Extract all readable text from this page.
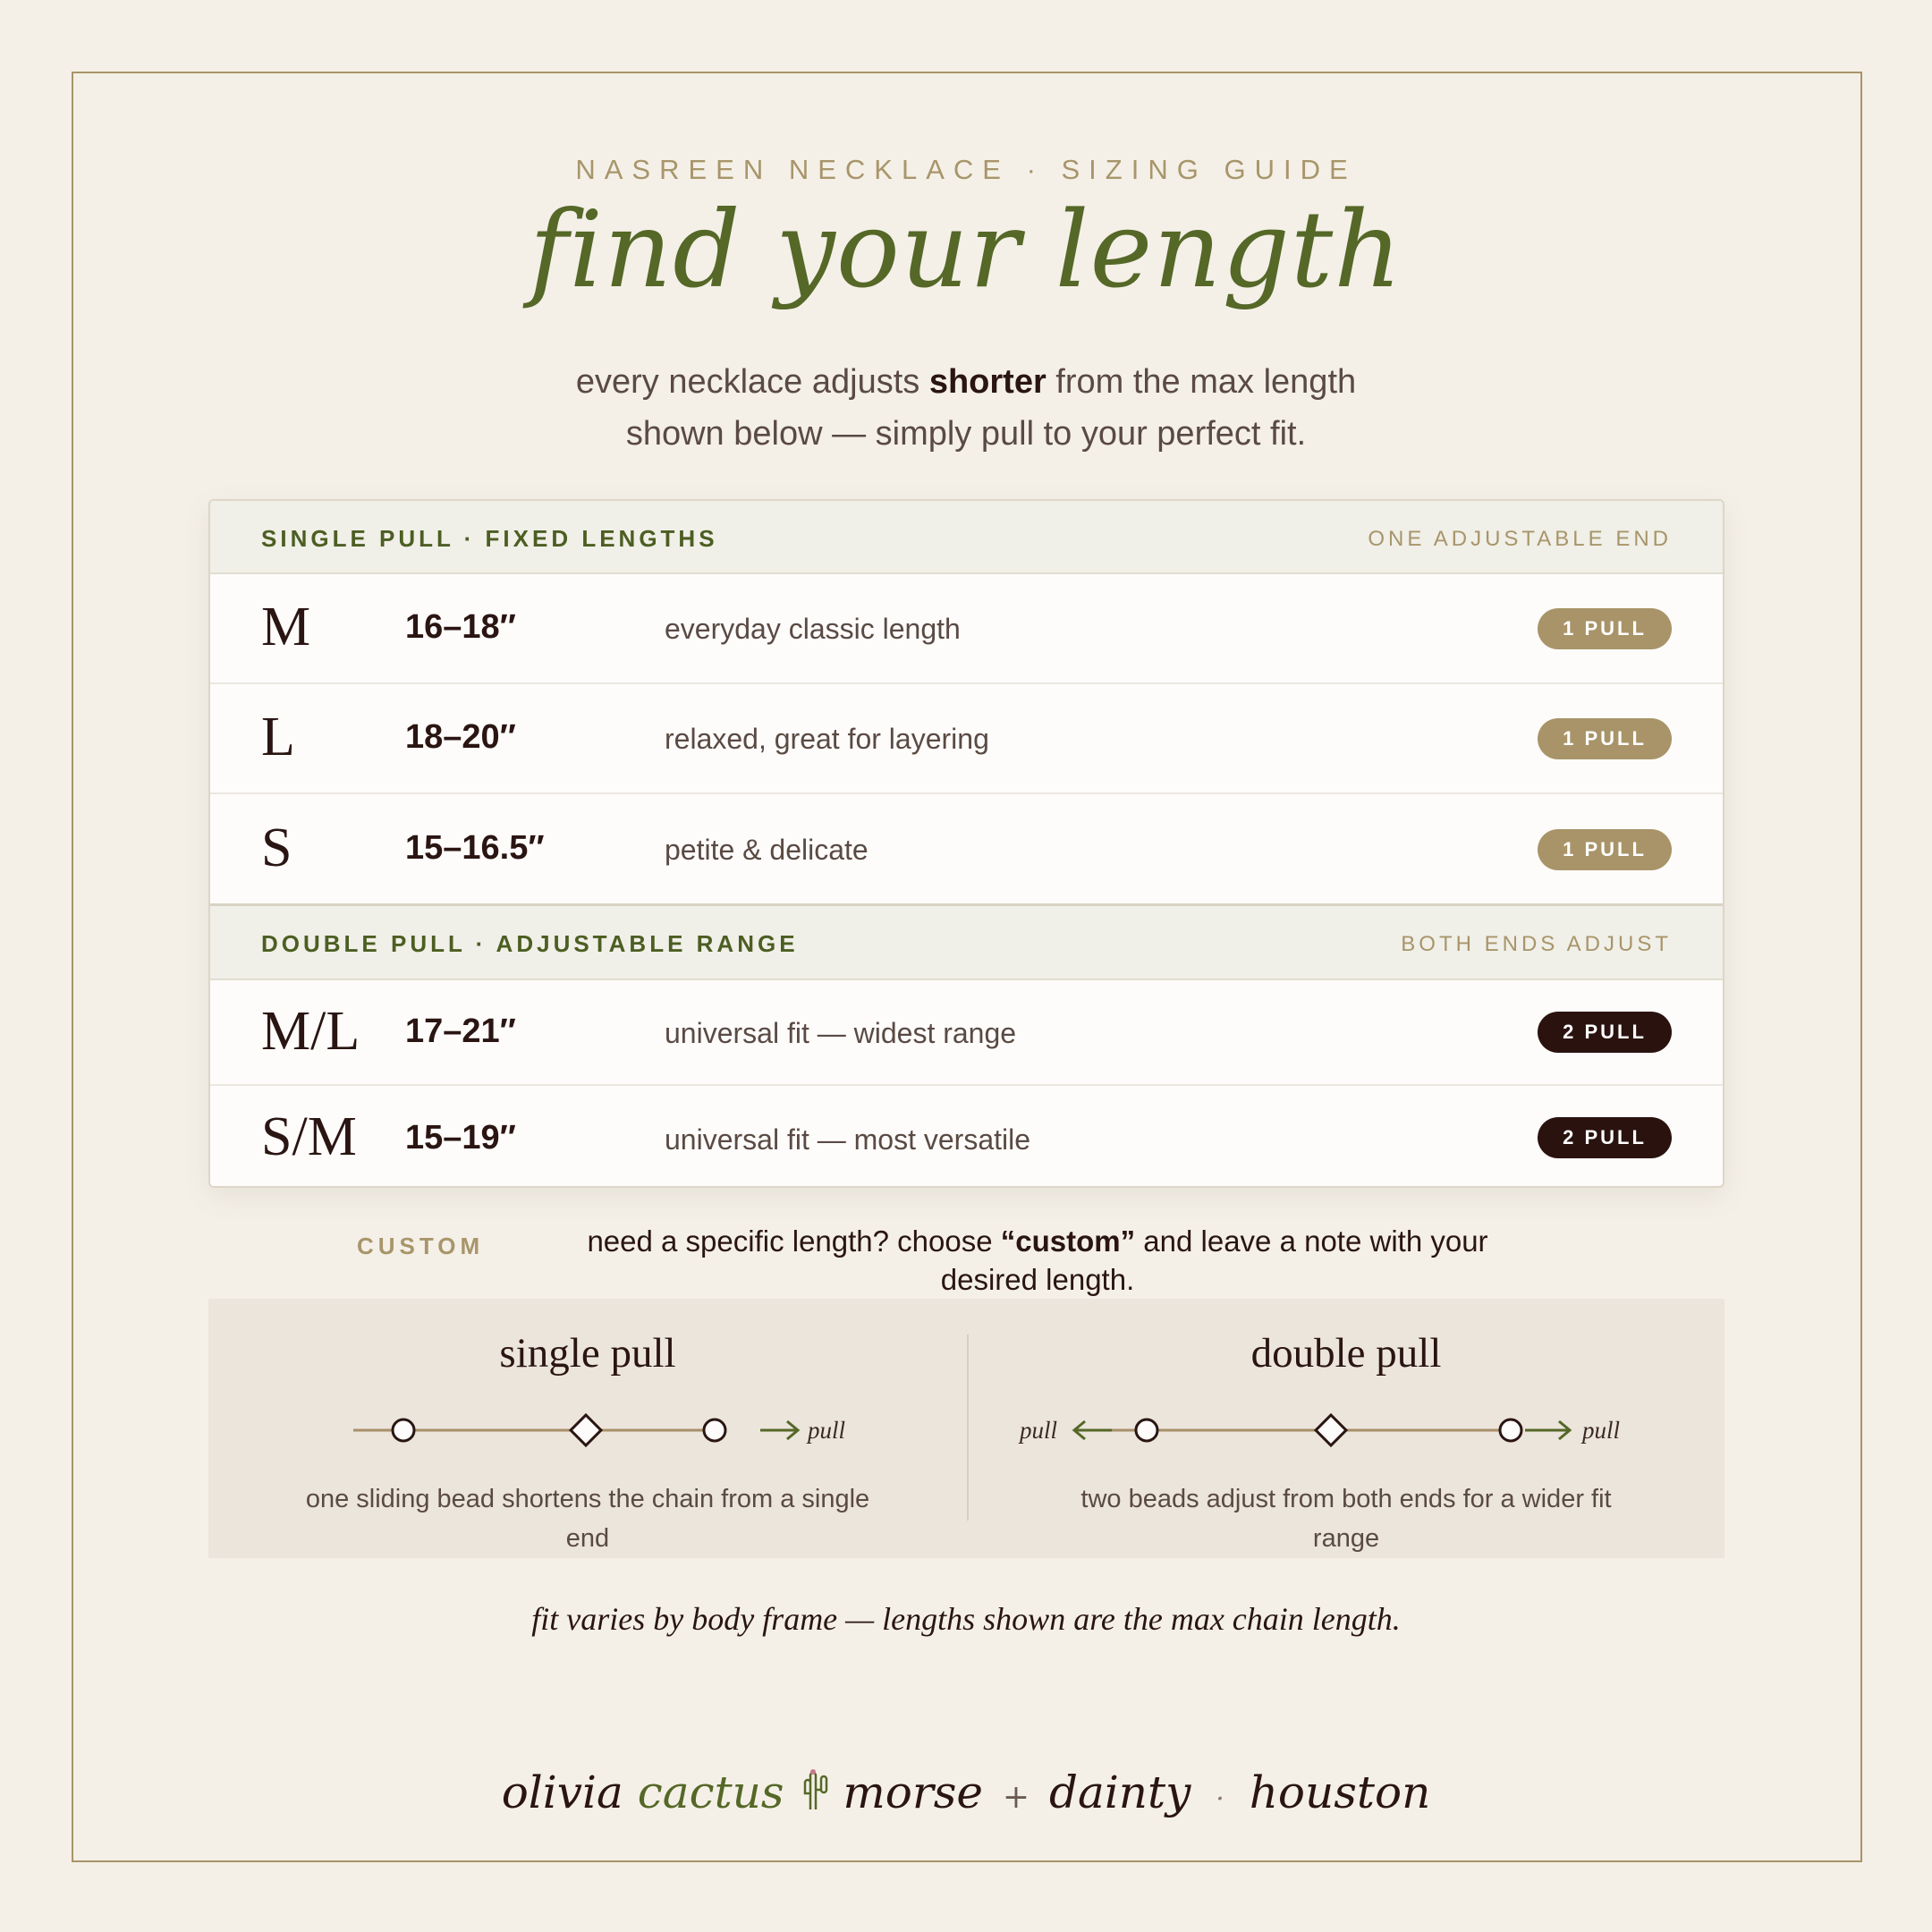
NASREEN NECKLACE · SIZING GUIDE
find your length
every necklace adjusts shorter from the max length
shown below — simply pull to your perfect fit.
SINGLE PULL · FIXED LENGTHS	ONE ADJUSTABLE END
M	16–18″	everyday classic length	1 PULL
L	18–20″	relaxed, great for layering	1 PULL
S	15–16.5″	petite & delicate	1 PULL
DOUBLE PULL · ADJUSTABLE RANGE	BOTH ENDS ADJUST
M/L 17–21″	universal fit — widest range	2 PULL
S/M 15–19″	universal fit — most versatile	2 PULL
CUSTOM	need a specific length? choose “custom” and leave a note with your desired length.
single pull
pull
one sliding bead shortens the chain from a single end
double pull
pull	pull
two beads adjust from both ends for a wider fit range
fit varies by body frame — lengths shown are the max chain length.
olivia cactus morse + dainty · houston
